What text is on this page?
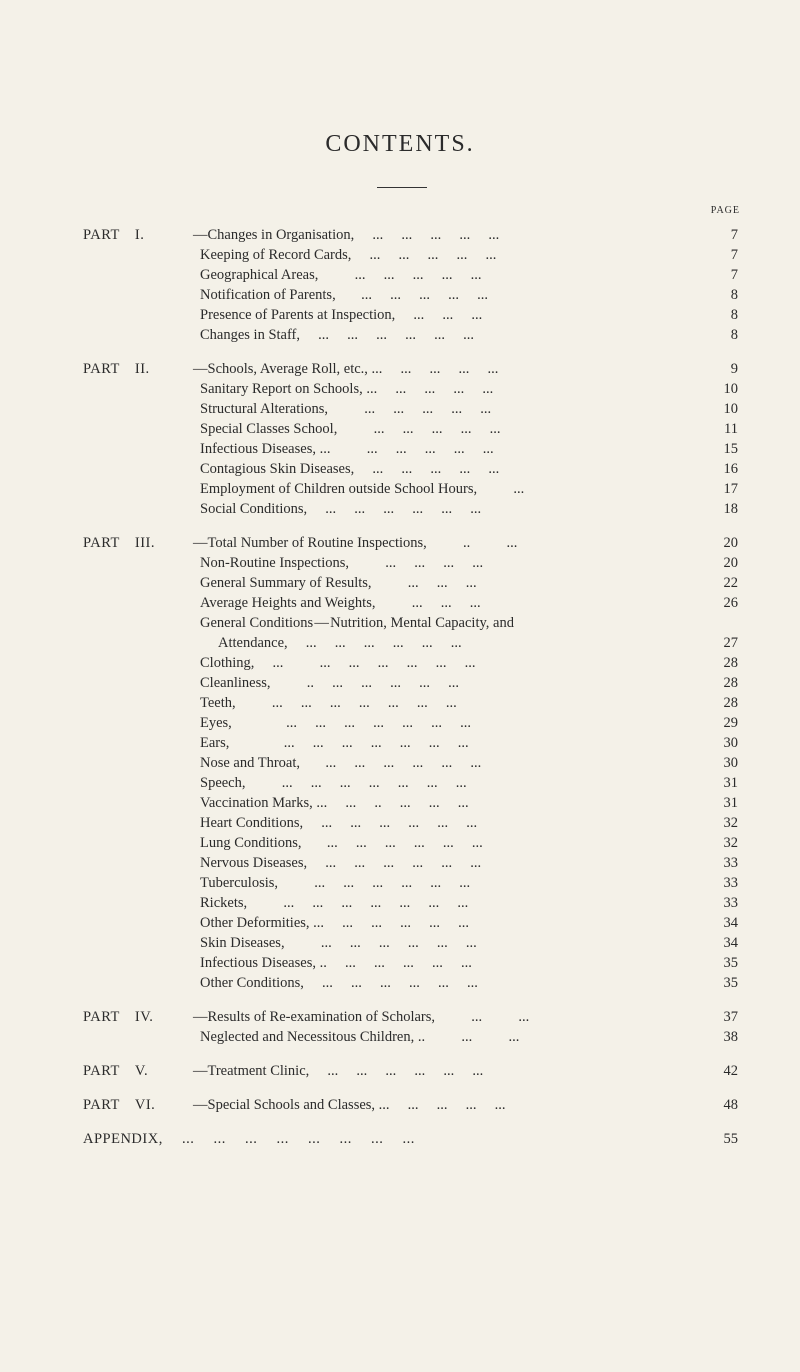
CONTENTS.
PAGE
PART  I.	—Changes in Organisation,  ...  ...  ...  ...  ...	7
Keeping of Record Cards,  ...  ...  ...  ...  ...	7
Geographical Areas,    ...  ...  ...  ...  ...	7
Notification of Parents,   ...  ...  ...  ...  ...	8
Presence of Parents at Inspection,  ...  ...  ...	8
Changes in Staff,  ...  ...  ...  ...  ...  ...	8
PART  II.	—Schools, Average Roll, etc., ...  ...  ...  ...  ...	9
Sanitary Report on Schools, ...  ...  ...  ...  ...	10
Structural Alterations,    ...  ...  ...  ...  ...	10
Special Classes School,    ...  ...  ...  ...  ...	11
Infectious Diseases, ...    ...  ...  ...  ...  ...	15
Contagious Skin Diseases,  ...  ...  ...  ...  ...	16
Employment of Children outside School Hours,    ...	17
Social Conditions,  ...  ...  ...  ...  ...  ...	18
PART  III.	—Total Number of Routine Inspections,    ..    ...	20
Non-Routine Inspections,    ...  ...  ...  ...	20
General Summary of Results,    ...  ...  ...	22
Average Heights and Weights,    ...  ...  ...	26
General Conditions — Nutrition, Mental Capacity, and
Attendance,  ...  ...  ...  ...  ...  ...	27
Clothing,  ...    ...  ...  ...  ...  ...  ...	28
Cleanliness,    ..  ...  ...  ...  ...  ...	28
Teeth,    ...  ...  ...  ...  ...  ...  ...	28
Eyes,      ...  ...  ...  ...  ...  ...  ...	29
Ears,      ...  ...  ...  ...  ...  ...  ...	30
Nose and Throat,   ...  ...  ...  ...  ...  ...	30
Speech,    ...  ...  ...  ...  ...  ...  ...	31
Vaccination Marks, ...  ...  ..  ...  ...  ...	31
Heart Conditions,  ...  ...  ...  ...  ...  ...	32
Lung Conditions,   ...  ...  ...  ...  ...  ...	32
Nervous Diseases,  ...  ...  ...  ...  ...  ...	33
Tuberculosis,    ...  ...  ...  ...  ...  ...	33
Rickets,    ...  ...  ...  ...  ...  ...  ...	33
Other Deformities, ...  ...  ...  ...  ...  ...	34
Skin Diseases,    ...  ...  ...  ...  ...  ...	34
Infectious Diseases, ..  ...  ...  ...  ...  ...	35
Other Conditions,  ...  ...  ...  ...  ...  ...	35
PART  IV.	—Results of Re-examination of Scholars,    ...    ...	37
Neglected and Necessitous Children, ..    ...    ...	38
PART  V.	—Treatment Clinic,  ...  ...  ...  ...  ...  ...	42
PART  VI.	—Special Schools and Classes, ...  ...  ...  ...  ...	48
APPENDIX,  ...  ...  ...  ...  ...  ...  ...  ...	55
